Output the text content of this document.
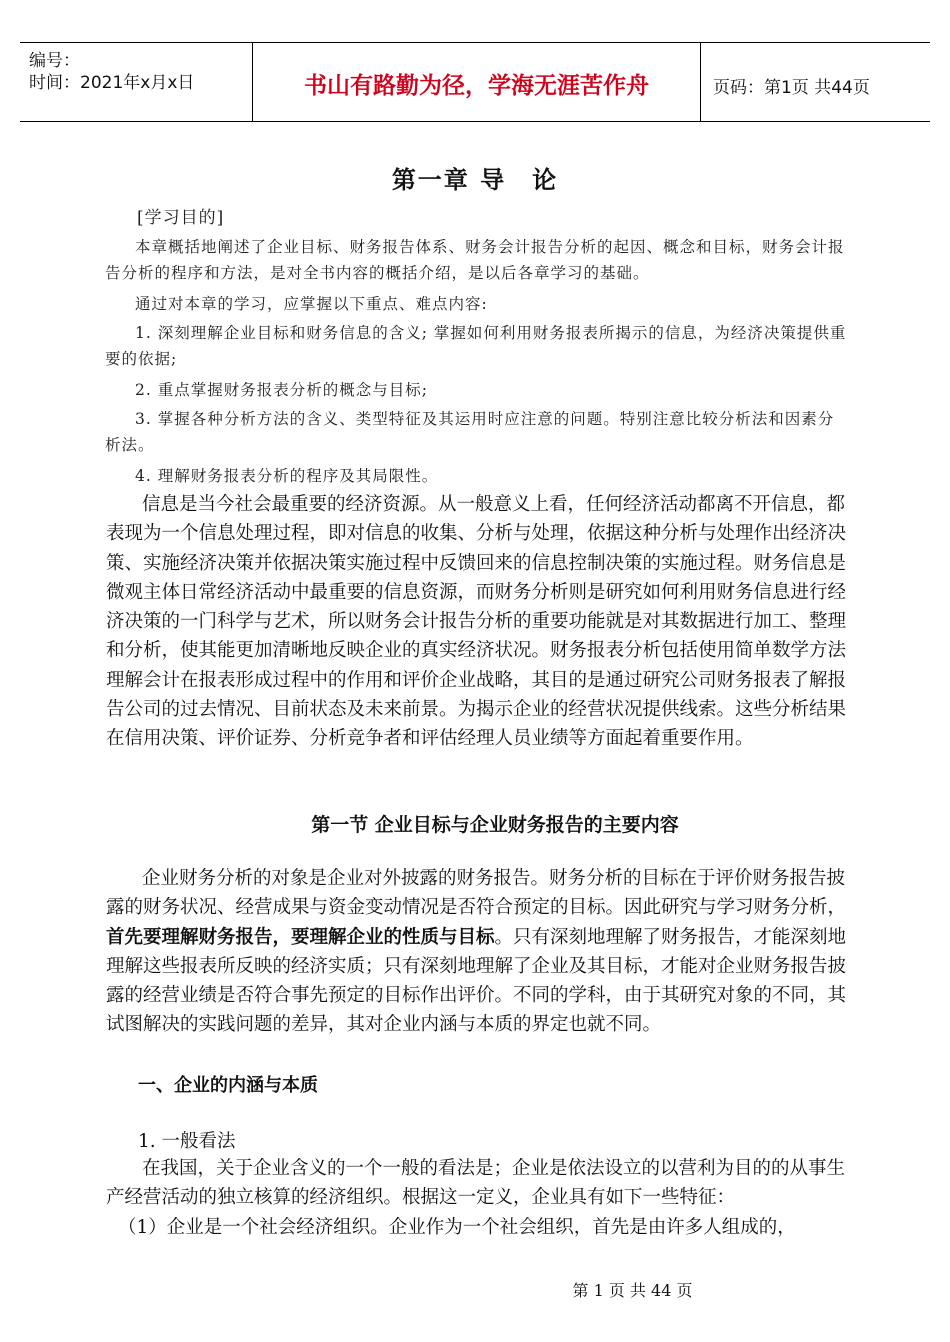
编号：
时间：2021年x月x日	书山有路勤为径，学海无涯苦作舟	页码：第1页 共44页
第一章 导　论

[学习目的]

本章概括地阐述了企业目标、财务报告体系、财务会计报告分析的起因、概念和目标，财务会计报告分析的程序和方法，是对全书内容的概括介绍，是以后各章学习的基础。

通过对本章的学习，应掌握以下重点、难点内容:

1. 深刻理解企业目标和财务信息的含义; 掌握如何利用财务报表所揭示的信息，为经济决策提供重要的依据;

2. 重点掌握财务报表分析的概念与目标;

3. 掌握各种分析方法的含义、类型特征及其运用时应注意的问题。特别注意比较分析法和因素分析法。

4. 理解财务报表分析的程序及其局限性。

信息是当今社会最重要的经济资源。从一般意义上看，任何经济活动都离不开信息，都表现为一个信息处理过程，即对信息的收集、分析与处理，依据这种分析与处理作出经济决策、实施经济决策并依据决策实施过程中反馈回来的信息控制决策的实施过程。财务信息是微观主体日常经济活动中最重要的信息资源，而财务分析则是研究如何利用财务信息进行经济决策的一门科学与艺术，所以财务会计报告分析的重要功能就是对其数据进行加工、整理和分析，使其能更加清晰地反映企业的真实经济状况。财务报表分析包括使用简单数学方法理解会计在报表形成过程中的作用和评价企业战略，其目的是通过研究公司财务报表了解报告公司的过去情况、目前状态及未来前景。为揭示企业的经营状况提供线索。这些分析结果在信用决策、评价证券、分析竞争者和评估经理人员业绩等方面起着重要作用。

第一节 企业目标与企业财务报告的主要内容

企业财务分析的对象是企业对外披露的财务报告。财务分析的目标在于评价财务报告披露的财务状况、经营成果与资金变动情况是否符合预定的目标。因此研究与学习财务分析，首先要理解财务报告，要理解企业的性质与目标。只有深刻地理解了财务报告，才能深刻地理解这些报表所反映的经济实质；只有深刻地理解了企业及其目标，才能对企业财务报告披露的经营业绩是否符合事先预定的目标作出评价。不同的学科，由于其研究对象的不同，其试图解决的实践问题的差异，其对企业内涵与本质的界定也就不同。

一、企业的内涵与本质
1. 一般看法

在我国，关于企业含义的一个一般的看法是；企业是依法设立的以营利为目的的从事生产经营活动的独立核算的经济组织。根据这一定义，企业具有如下一些特征：

（1）企业是一个社会经济组织。企业作为一个社会组织，首先是由许多人组成的，
第 1 页 共 44 页
